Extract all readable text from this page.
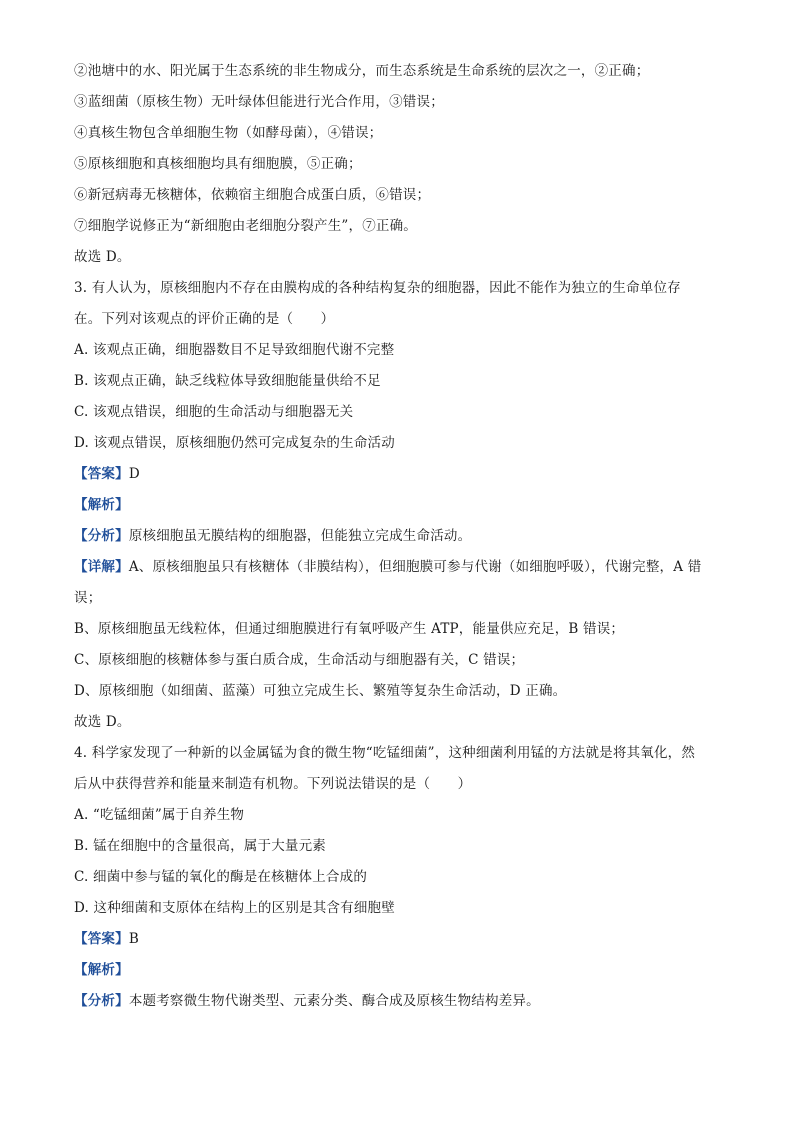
②池塘中的水、阳光属于生态系统的非生物成分，而生态系统是生命系统的层次之一，②正确；
③蓝细菌（原核生物）无叶绿体但能进行光合作用，③错误；
④真核生物包含单细胞生物（如酵母菌），④错误；
⑤原核细胞和真核细胞均具有细胞膜，⑤正确；
⑥新冠病毒无核糖体，依赖宿主细胞合成蛋白质，⑥错误；
⑦细胞学说修正为“新细胞由老细胞分裂产生”，⑦正确。
故选 D。
3. 有人认为，原核细胞内不存在由膜构成的各种结构复杂的细胞器，因此不能作为独立的生命单位存
在。下列对该观点的评价正确的是（　　）
A. 该观点正确，细胞器数目不足导致细胞代谢不完整
B. 该观点正确，缺乏线粒体导致细胞能量供给不足
C. 该观点错误，细胞的生命活动与细胞器无关
D. 该观点错误，原核细胞仍然可完成复杂的生命活动
【答案】D
【解析】
【分析】原核细胞虽无膜结构的细胞器，但能独立完成生命活动。
【详解】A、原核细胞虽只有核糖体（非膜结构），但细胞膜可参与代谢（如细胞呼吸），代谢完整，A 错
误；
B、原核细胞虽无线粒体，但通过细胞膜进行有氧呼吸产生 ATP，能量供应充足，B 错误；
C、原核细胞的核糖体参与蛋白质合成，生命活动与细胞器有关，C 错误；
D、原核细胞（如细菌、蓝藻）可独立完成生长、繁殖等复杂生命活动，D 正确。
故选 D。
4. 科学家发现了一种新的以金属锰为食的微生物“吃锰细菌”，这种细菌利用锰的方法就是将其氧化，然
后从中获得营养和能量来制造有机物。下列说法错误的是（　　）
A. “吃锰细菌”属于自养生物
B. 锰在细胞中的含量很高，属于大量元素
C. 细菌中参与锰的氧化的酶是在核糖体上合成的
D. 这种细菌和支原体在结构上的区别是其含有细胞壁
【答案】B
【解析】
【分析】本题考察微生物代谢类型、元素分类、酶合成及原核生物结构差异。
